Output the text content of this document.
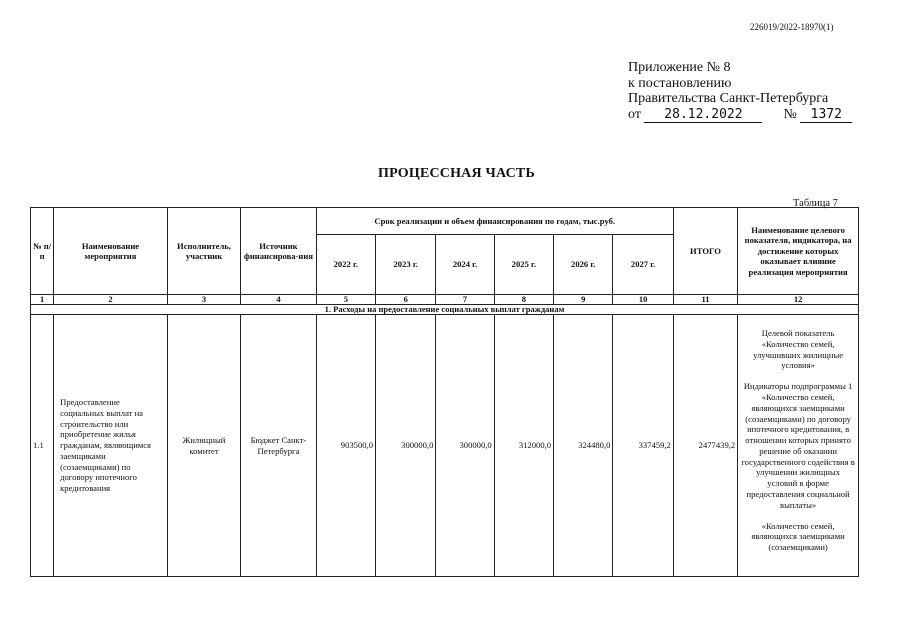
226019/2022-18970(1)
Приложение № 8
к постановлению
Правительства Санкт-Петербурга
от 28.12.2022	№ 1372
ПРОЦЕССНАЯ ЧАСТЬ
Таблица 7
№ п/п	Наименование мероприятия	Исполнитель, участник	Источник финансирова-ния	Срок реализации и объем финансирования по годам, тыс.руб.						ИТОГО	Наименование целевого показателя, индикатора, на достижение которых оказывает влияние реализация мероприятия
				2022 г.	2023 г.	2024 г.	2025 г.	2026 г.	2027 г.		
1	2	3	4	5	6	7	8	9	10	11	12
1. Расходы на предоставление социальных выплат гражданам											
1.1	Предоставление социальных выплат на строительство или приобретение жилья гражданам, являющимся заемщиками (созаемщиками) по договору ипотечного кредитования	Жилищный комитет	Бюджет Санкт-Петербурга	903500,0	300000,0	300000,0	312000,0	324480,0	337459,2	2477439,2	Целевой показатель «Количество семей, улучшивших жилищные условия»

Индикаторы подпрограммы 1 «Количество семей, являющихся заемщиками (созаемщиками) по договору ипотечного кредитования, в отношении которых принято решение об оказании государственного содействия в улучшении жилищных условий в форме предоставления социальной выплаты»

«Количество семей, являющихся заемщиками (созаемщиками)
